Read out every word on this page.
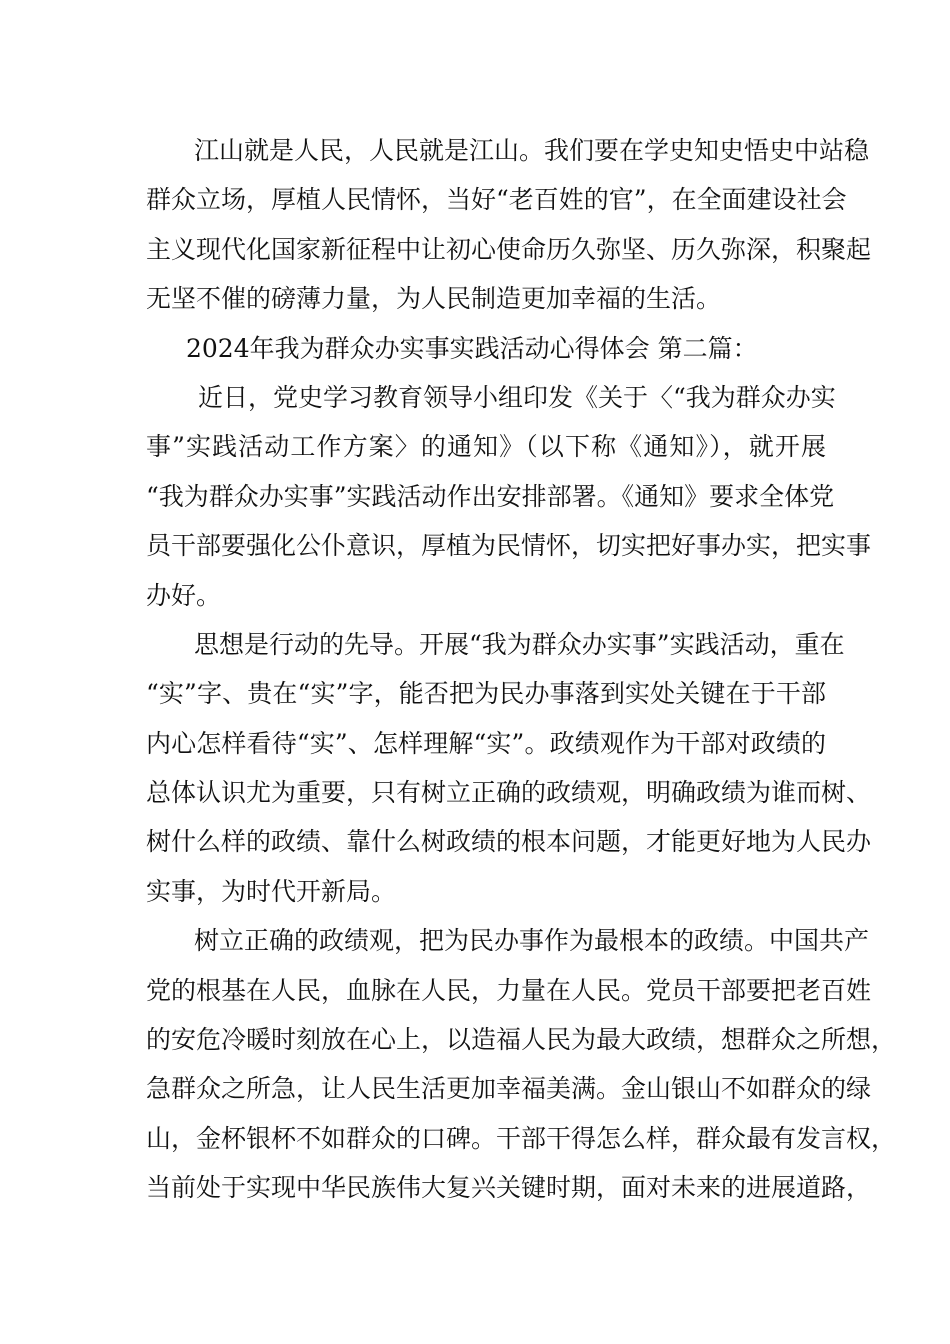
江山就是人民，人民就是江山。我们要在学史知史悟史中站稳
群众立场，厚植人民情怀，当好“老百姓的官”，在全面建设社会
主义现代化国家新征程中让初心使命历久弥坚、历久弥深，积聚起
无坚不催的磅薄力量，为人民制造更加幸福的生活。
2024年我为群众办实事实践活动心得体会 第二篇：
近日，党史学习教育领导小组印发《关于〈“我为群众办实
事”实践活动工作方案〉的通知》（以下称《通知》），就开展
“我为群众办实事”实践活动作出安排部署。《通知》要求全体党
员干部要强化公仆意识，厚植为民情怀，切实把好事办实，把实事
办好。
思想是行动的先导。开展“我为群众办实事”实践活动，重在
“实”字、贵在“实”字，能否把为民办事落到实处关键在于干部
内心怎样看待“实”、怎样理解“实”。政绩观作为干部对政绩的
总体认识尤为重要，只有树立正确的政绩观，明确政绩为谁而树、
树什么样的政绩、靠什么树政绩的根本问题，才能更好地为人民办
实事，为时代开新局。
树立正确的政绩观，把为民办事作为最根本的政绩。中国共产
党的根基在人民，血脉在人民，力量在人民。党员干部要把老百姓
的安危冷暖时刻放在心上，以造福人民为最大政绩，想群众之所想，
急群众之所急，让人民生活更加幸福美满。金山银山不如群众的绿
山，金杯银杯不如群众的口碑。干部干得怎么样，群众最有发言权，
当前处于实现中华民族伟大复兴关键时期，面对未来的进展道路，
